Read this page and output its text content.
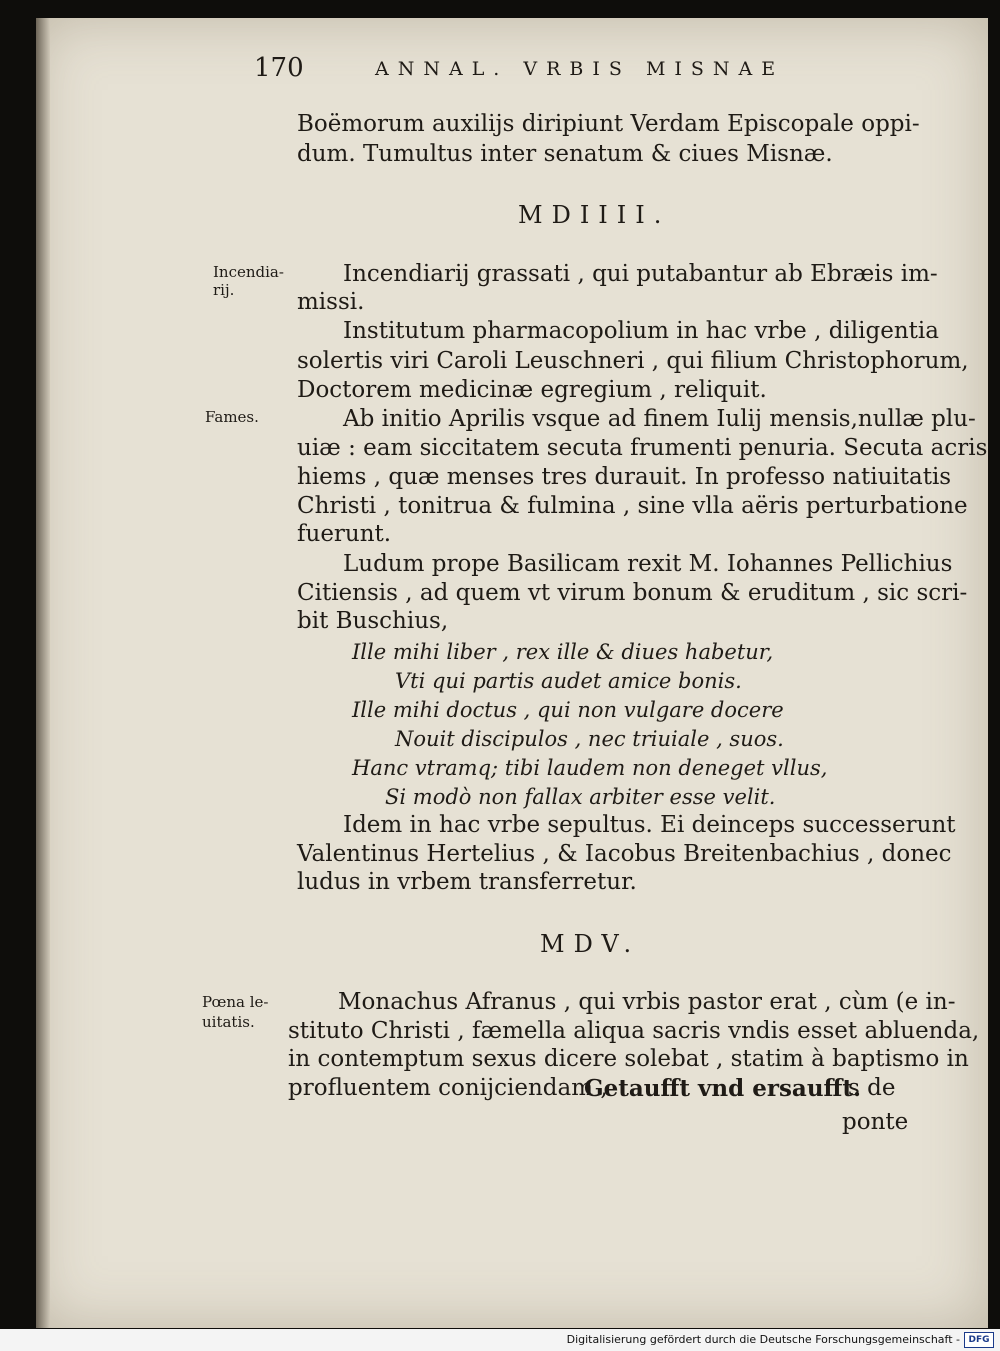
170	ANNAL. VRBIS MISNAE
Incendia-
rij.
Fames.
Pœna le-
uitatis.
Boëmorum auxilijs diripiunt Verdam Episcopale oppi-
dum. Tumultus inter senatum & ciues Misnæ.
MDIIII.
Incendiarij grassati , qui putabantur ab Ebræis im-
missi.
Institutum pharmacopolium in hac vrbe , diligentia
solertis viri Caroli Leuschneri , qui filium Christophorum,
Doctorem medicinæ egregium , reliquit.
Ab initio Aprilis vsque ad finem Iulij mensis,nullæ plu-
uiæ : eam siccitatem secuta frumenti penuria. Secuta acris
hiems , quæ menses tres durauit. In professo natiuitatis
Christi , tonitrua & fulmina , sine vlla aëris perturbatione
fuerunt.
Ludum prope Basilicam rexit M. Iohannes Pellichius
Citiensis , ad quem vt virum bonum & eruditum , sic scri-
bit Buschius,
Ille mihi liber , rex ille & diues habetur,
Vti qui partis audet amice bonis.
Ille mihi doctus , qui non vulgare docere
Nouit discipulos , nec triuiale , suos.
Hanc vtramq; tibi laudem non deneget vllus,
Si modò non fallax arbiter esse velit.
Idem in hac vrbe sepultus. Ei deinceps successerunt
Valentinus Hertelius , & Iacobus Breitenbachius , donec
ludus in vrbem transferretur.
MDV.
Monachus Afranus , qui vrbis pastor erat , cùm (e in-
stituto Christi , fæmella aliqua sacris vndis esset abluenda,
in contemptum sexus dicere solebat , statim à baptismo in
profluentem conijciendam ,
Getaufft vnd ersaufft.
s de
ponte
Digitalisierung gefördert durch die Deutsche Forschungsgemeinschaft - DFG
